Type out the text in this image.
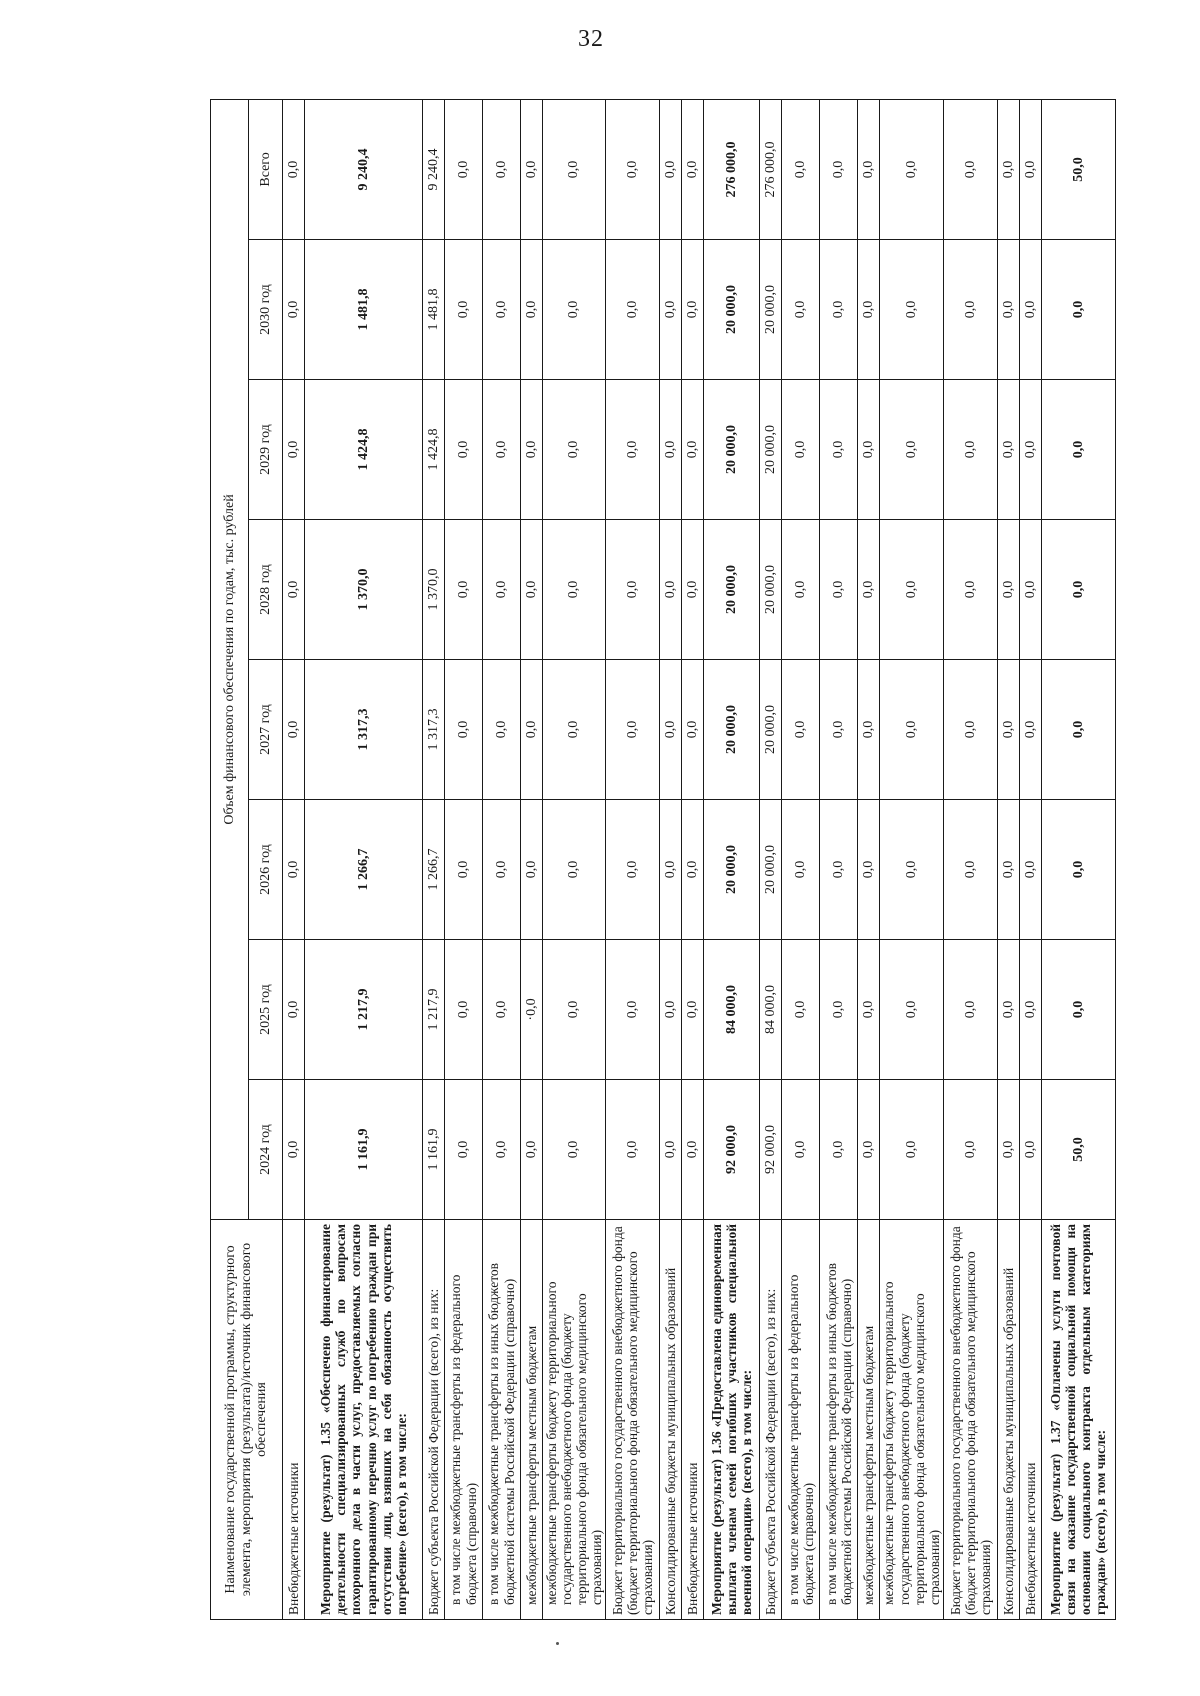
32
Наименование государственной программы, структурного элемента, мероприятия (результата)/источник финансового обеспечения	Объем финансового обеспечения по годам, тыс. рублей							
	2024 год	2025 год	2026 год	2027 год	2028 год	2029 год	2030 год	Всего
Внебюджетные источники	0,0	0,0	0,0	0,0	0,0	0,0	0,0	0,0
Мероприятие (результат) 1.35 «Обеспечено финансирование деятельности специализированных служб по вопросам похоронного дела в части услуг, предоставляемых согласно гарантированному перечню услуг по погребению граждан при отсутствии лиц, взявших на себя обязанность осуществить погребение» (всего), в том числе:	1 161,9	1 217,9	1 266,7	1 317,3	1 370,0	1 424,8	1 481,8	9 240,4
Бюджет субъекта Российской Федерации (всего), из них:	1 161,9	1 217,9	1 266,7	1 317,3	1 370,0	1 424,8	1 481,8	9 240,4
в том числе межбюджетные трансферты из федерального бюджета (справочно)	0,0	0,0	0,0	0,0	0,0	0,0	0,0	0,0
в том числе межбюджетные трансферты из иных бюджетов бюджетной системы Российской Федерации (справочно)	0,0	0,0	0,0	0,0	0,0	0,0	0,0	0,0
межбюджетные трансферты местным бюджетам	0,0	·0,0	0,0	0,0	0,0	0,0	0,0	0,0
межбюджетные трансферты бюджету территориального государственного внебюджетного фонда (бюджету территориального фонда обязательного медицинского страхования)	0,0	0,0	0,0	0,0	0,0	0,0	0,0	0,0
Бюджет территориального государственного внебюджетного фонда (бюджет территориального фонда обязательного медицинского страхования)	0,0	0,0	0,0	0,0	0,0	0,0	0,0	0,0
Консолидированные бюджеты муниципальных образований	0,0	0,0	0,0	0,0	0,0	0,0	0,0	0,0
Внебюджетные источники	0,0	0,0	0,0	0,0	0,0	0,0	0,0	0,0
Мероприятие (результат) 1.36 «Предоставлена единовременная выплата членам семей погибших участников специальной военной операции» (всего), в том числе:	92 000,0	84 000,0	20 000,0	20 000,0	20 000,0	20 000,0	20 000,0	276 000,0
Бюджет субъекта Российской Федерации (всего), из них:	92 000,0	84 000,0	20 000,0	20 000,0	20 000,0	20 000,0	20 000,0	276 000,0
в том числе межбюджетные трансферты из федерального бюджета (справочно)	0,0	0,0	0,0	0,0	0,0	0,0	0,0	0,0
в том числе межбюджетные трансферты из иных бюджетов бюджетной системы Российской Федерации (справочно)	0,0	0,0	0,0	0,0	0,0	0,0	0,0	0,0
межбюджетные трансферты местным бюджетам	0,0	0,0	0,0	0,0	0,0	0,0	0,0	0,0
межбюджетные трансферты бюджету территориального государственного внебюджетного фонда (бюджету территориального фонда обязательного медицинского страхования)	0,0	0,0	0,0	0,0	0,0	0,0	0,0	0,0
Бюджет территориального государственного внебюджетного фонда (бюджет территориального фонда обязательного медицинского страхования)	0,0	0,0	0,0	0,0	0,0	0,0	0,0	0,0
Консолидированные бюджеты муниципальных образований	0,0	0,0	0,0	0,0	0,0	0,0	0,0	0,0
Внебюджетные источники	0,0	0,0	0,0	0,0	0,0	0,0	0,0	0,0
Мероприятие (результат) 1.37 «Оплачены услуги почтовой связи на оказание государственной социальной помощи на основании социального контракта отдельным категориям граждан» (всего), в том числе:	50,0	0,0	0,0	0,0	0,0	0,0	0,0	50,0
